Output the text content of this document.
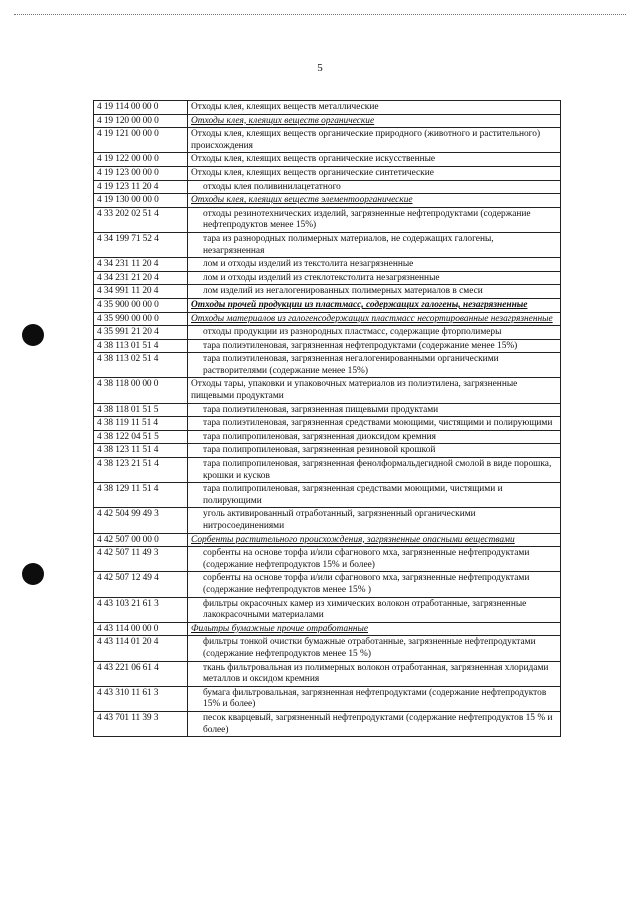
5
4 19 114 00 00 0	Отходы клея, клеящих веществ металлические
4 19 120 00 00 0	Отходы клея, клеящих веществ органические
4 19 121 00 00 0	Отходы клея, клеящих веществ органические природного (животного и растительного) происхождения
4 19 122 00 00 0	Отходы клея, клеящих веществ органические искусственные
4 19 123 00 00 0	Отходы клея, клеящих веществ органические синтетические
4 19 123 11 20 4	отходы клея поливинилацетатного
4 19 130 00 00 0	Отходы клея, клеящих веществ элементоорганические
4 33 202 02 51 4	отходы резинотехнических изделий, загрязненные нефтепродуктами (содержание нефтепродуктов менее 15%)
4 34 199 71 52 4	тара из разнородных полимерных материалов, не содержащих галогены, незагрязненная
4 34 231 11 20 4	лом и отходы изделий из текстолита незагрязненные
4 34 231 21 20 4	лом и отходы изделий из стеклотекстолита незагрязненные
4 34 991 11 20 4	лом изделий из негалогенированных полимерных материалов в смеси
4 35 900 00 00 0	Отходы прочей продукции из пластмасс, содержащих галогены, незагрязненные
4 35 990 00 00 0	Отходы материалов из галогенсодержащих пластмасс несортированные незагрязненные
4 35 991 21 20 4	отходы продукции из разнородных пластмасс, содержащие фторполимеры
4 38 113 01 51 4	тара полиэтиленовая, загрязненная нефтепродуктами (содержание менее 15%)
4 38 113 02 51 4	тара полиэтиленовая, загрязненная негалогенированными органическими растворителями (содержание менее 15%)
4 38 118 00 00 0	Отходы тары, упаковки и упаковочных материалов из полиэтилена, загрязненные пищевыми продуктами
4 38 118 01 51 5	тара полиэтиленовая, загрязненная пищевыми продуктами
4 38 119 11 51 4	тара полиэтиленовая, загрязненная средствами моющими, чистящими и полирующими
4 38 122 04 51 5	тара полипропиленовая, загрязненная диоксидом кремния
4 38 123 11 51 4	тара полипропиленовая, загрязненная резиновой крошкой
4 38 123 21 51 4	тара полипропиленовая, загрязненная фенолформальдегидной смолой в виде порошка, крошки и кусков
4 38 129 11 51 4	тара полипропиленовая, загрязненная средствами моющими, чистящими и полирующими
4 42 504 99 49 3	уголь активированный отработанный, загрязненный органическими нитросоединениями
4 42 507 00 00 0	Сорбенты растительного происхождения, загрязненные опасными веществами
4 42 507 11 49 3	сорбенты на основе торфа и/или сфагнового мха, загрязненные нефтепродуктами (содержание нефтепродуктов 15% и более)
4 42 507 12 49 4	сорбенты на основе торфа и/или сфагнового мха, загрязненные нефтепродуктами (содержание нефтепродуктов менее 15% )
4 43 103 21 61 3	фильтры окрасочных камер из химических волокон отработанные, загрязненные лакокрасочными материалами
4 43 114 00 00 0	Фильтры бумажные прочие отработанные
4 43 114 01 20 4	фильтры тонкой очистки бумажные отработанные, загрязненные нефтепродуктами (содержание нефтепродуктов менее 15 %)
4 43 221 06 61 4	ткань фильтровальная из полимерных волокон отработанная, загрязненная хлоридами металлов и оксидом кремния
4 43 310 11 61 3	бумага фильтровальная, загрязненная нефтепродуктами (содержание нефтепродуктов 15% и более)
4 43 701 11 39 3	песок кварцевый, загрязненный нефтепродуктами (содержание нефтепродуктов 15 % и более)
